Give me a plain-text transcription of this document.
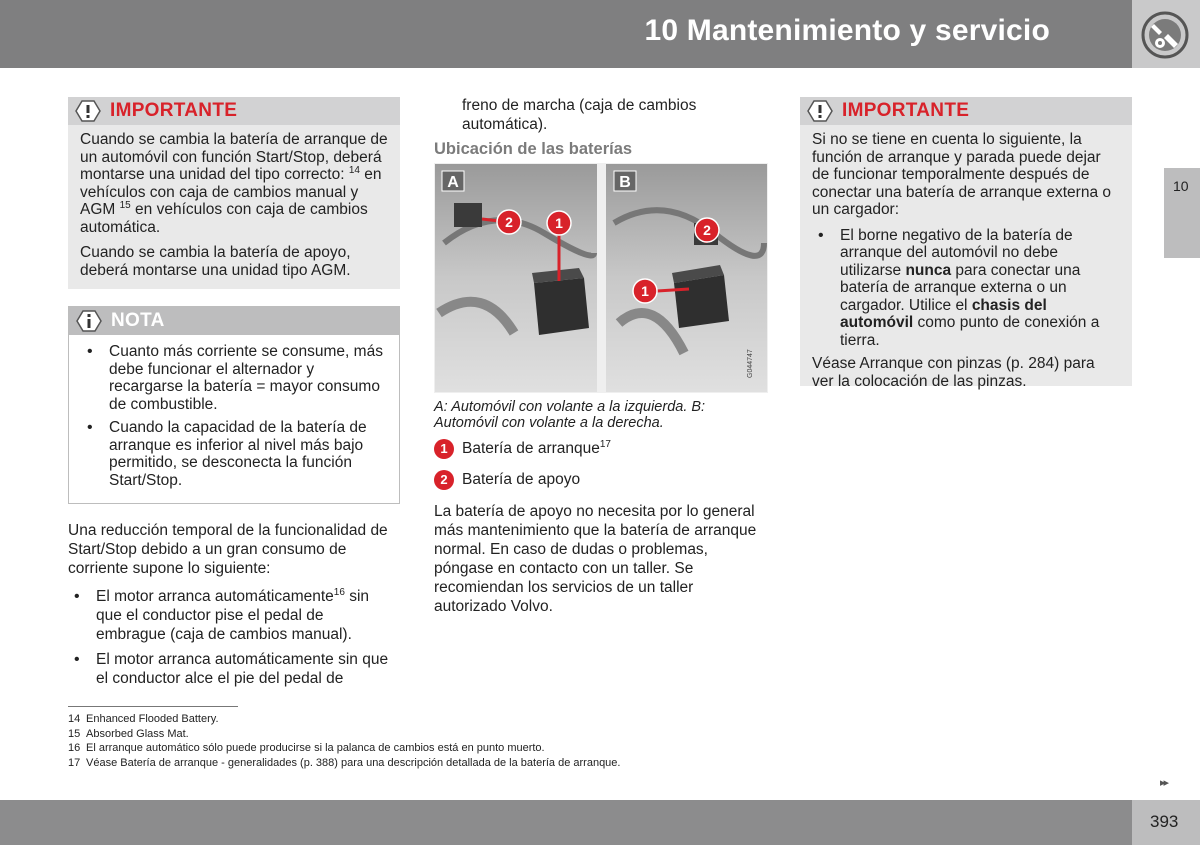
10 Mantenimiento y servicio
10
IMPORTANTE

Cuando se cambia la batería de arranque de un automóvil con función Start/Stop, deberá montarse una unidad del tipo correcto: $^{14}$ en vehículos con caja de cambios manual y AGM $^{15}$ en vehículos con caja de cambios automática.

Cuando se cambia la batería de apoyo, deberá montarse una unidad tipo AGM.

NOTA
• Cuanto más corriente se consume, más debe funcionar el alternador y recargarse la batería = mayor consumo de combustible.
• Cuando la capacidad de la batería de arranque es inferior al nivel más bajo permitido, se desconecta la función Start/Stop.

Una reducción temporal de la funcionalidad de Start/Stop debido a un gran consumo de corriente supone lo siguiente:

• El motor arranca automáticamente$^{16}$ sin que el conductor pise el pedal de embrague (caja de cambios manual).
• El motor arranca automáticamente sin que el conductor alce el pie del pedal de

freno de marcha (caja de cambios automática).

Ubicación de las baterías
A	B
2	1	2
1
G044747
A: Automóvil con volante a la izquierda. B: Automóvil con volante a la derecha.
1 Batería de arranque$^{17}$
2 Batería de apoyo

La batería de apoyo no necesita por lo general más mantenimiento que la batería de arranque normal. En caso de dudas o problemas, póngase en contacto con un taller. Se recomiendan los servicios de un taller autorizado Volvo.

IMPORTANTE

Si no se tiene en cuenta lo siguiente, la función de arranque y parada puede dejar de funcionar temporalmente después de conectar una batería de arranque externa o un cargador:

• El borne negativo de la batería de arranque del automóvil no debe utilizarse nunca para conectar una batería de arranque externa o un cargador. Utilice el chasis del automóvil como punto de conexión a tierra.

Véase Arranque con pinzas (p. 284) para ver la colocación de las pinzas.

14 Enhanced Flooded Battery.
15 Absorbed Glass Mat.
16 El arranque automático sólo puede producirse si la palanca de cambios está en punto muerto.
17 Véase Batería de arranque - generalidades (p. 388) para una descripción detallada de la batería de arranque.
▸▸
393
